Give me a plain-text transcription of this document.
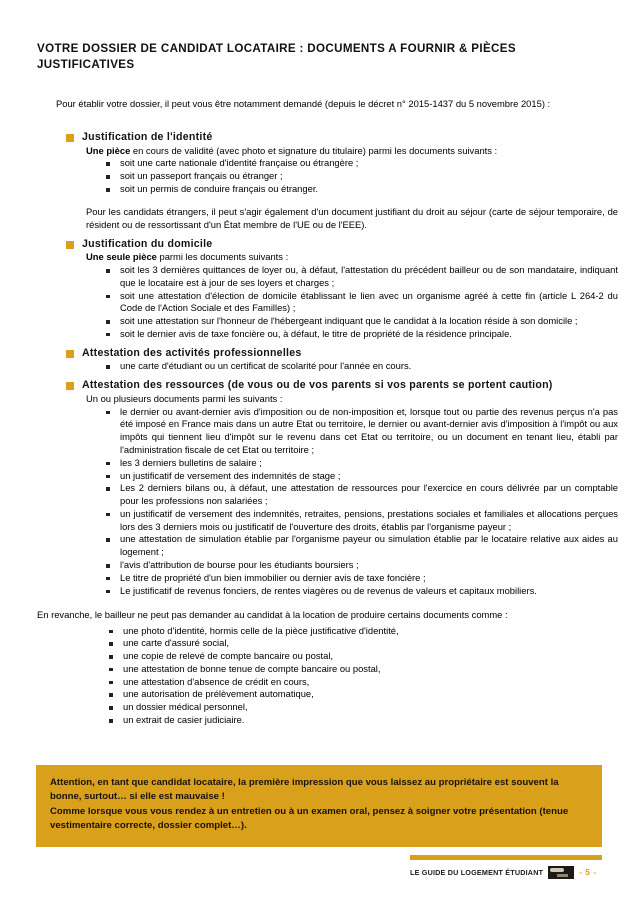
VOTRE DOSSIER DE CANDIDAT LOCATAIRE : DOCUMENTS A FOURNIR & PIÈCES JUSTIFICATIVES

Pour établir votre dossier, il peut vous être notamment demandé (depuis le décret n° 2015-1437 du 5 novembre 2015) :

Justification de l'identité
Une pièce en cours de validité (avec photo et signature du titulaire) parmi les documents suivants :
soit une carte nationale d'identité française ou étrangère ;
soit un passeport français ou étranger ;
soit un permis de conduire français ou étranger.
Pour les candidats étrangers, il peut s'agir également d'un document justifiant du droit au séjour (carte de séjour temporaire, de résident ou de ressortissant d'un État membre de l'UE ou de l'EEE).
Justification du domicile
Une seule pièce parmi les documents suivants :
soit les 3 dernières quittances de loyer ou, à défaut, l'attestation du précédent bailleur ou de son mandataire, indiquant que le locataire est à jour de ses loyers et charges ;
soit une attestation d'élection de domicile établissant le lien avec un organisme agréé à cette fin (article L 264-2 du Code de l'Action Sociale et des Familles) ;
soit une attestation sur l'honneur de l'hébergeant indiquant que le candidat à la location réside à son domicile ;
soit le dernier avis de taxe foncière ou, à défaut, le titre de propriété de la résidence principale.
Attestation des activités professionnelles
une carte d'étudiant ou un certificat de scolarité pour l'année en cours.
Attestation des ressources (de vous ou de vos parents si vos parents se portent caution)
Un ou plusieurs documents parmi les suivants :
le dernier ou avant-dernier avis d'imposition ou de non-imposition et, lorsque tout ou partie des revenus perçus n'a pas été imposé en France mais dans un autre Etat ou territoire, le dernier ou avant-dernier avis d'imposition à l'impôt ou aux impôts qui tiennent lieu d'impôt sur le revenu dans cet Etat ou territoire, ou un document en tenant lieu, établi par l'administration fiscale de cet Etat ou territoire ;
les 3 derniers bulletins de salaire ;
un justificatif de versement des indemnités de stage ;
Les 2 derniers bilans ou, à défaut, une attestation de ressources pour l'exercice en cours délivrée par un comptable pour les professions non salariées ;
un justificatif de versement des indemnités, retraites, pensions, prestations sociales et familiales et allocations perçues lors des 3 derniers mois ou justificatif de l'ouverture des droits, établis par l'organisme payeur ;
une attestation de simulation établie par l'organisme payeur ou simulation établie par le locataire relative aux aides au logement ;
l'avis d'attribution de bourse pour les étudiants boursiers ;
Le titre de propriété d'un bien immobilier ou dernier avis de taxe foncière ;
Le justificatif de revenus fonciers, de rentes viagères ou de revenus de valeurs et capitaux mobiliers.
En revanche, le bailleur ne peut pas demander au candidat à la location de produire certains documents comme :
une photo d'identité, hormis celle de la pièce justificative d'identité,
une carte d'assuré social,
une copie de relevé de compte bancaire ou postal,
une attestation de bonne tenue de compte bancaire ou postal,
une attestation d'absence de crédit en cours,
une autorisation de prélèvement automatique,
un dossier médical personnel,
un extrait de casier judiciaire.

Attention, en tant que candidat locataire, la première impression que vous laissez au propriétaire est souvent la bonne, surtout… si elle est mauvaise !

Comme lorsque vous vous rendez à un entretien ou à un examen oral, pensez à soigner votre présentation (tenue vestimentaire correcte, dossier complet…).

LE GUIDE DU LOGEMENT ÉTUDIANT	- 5 -
